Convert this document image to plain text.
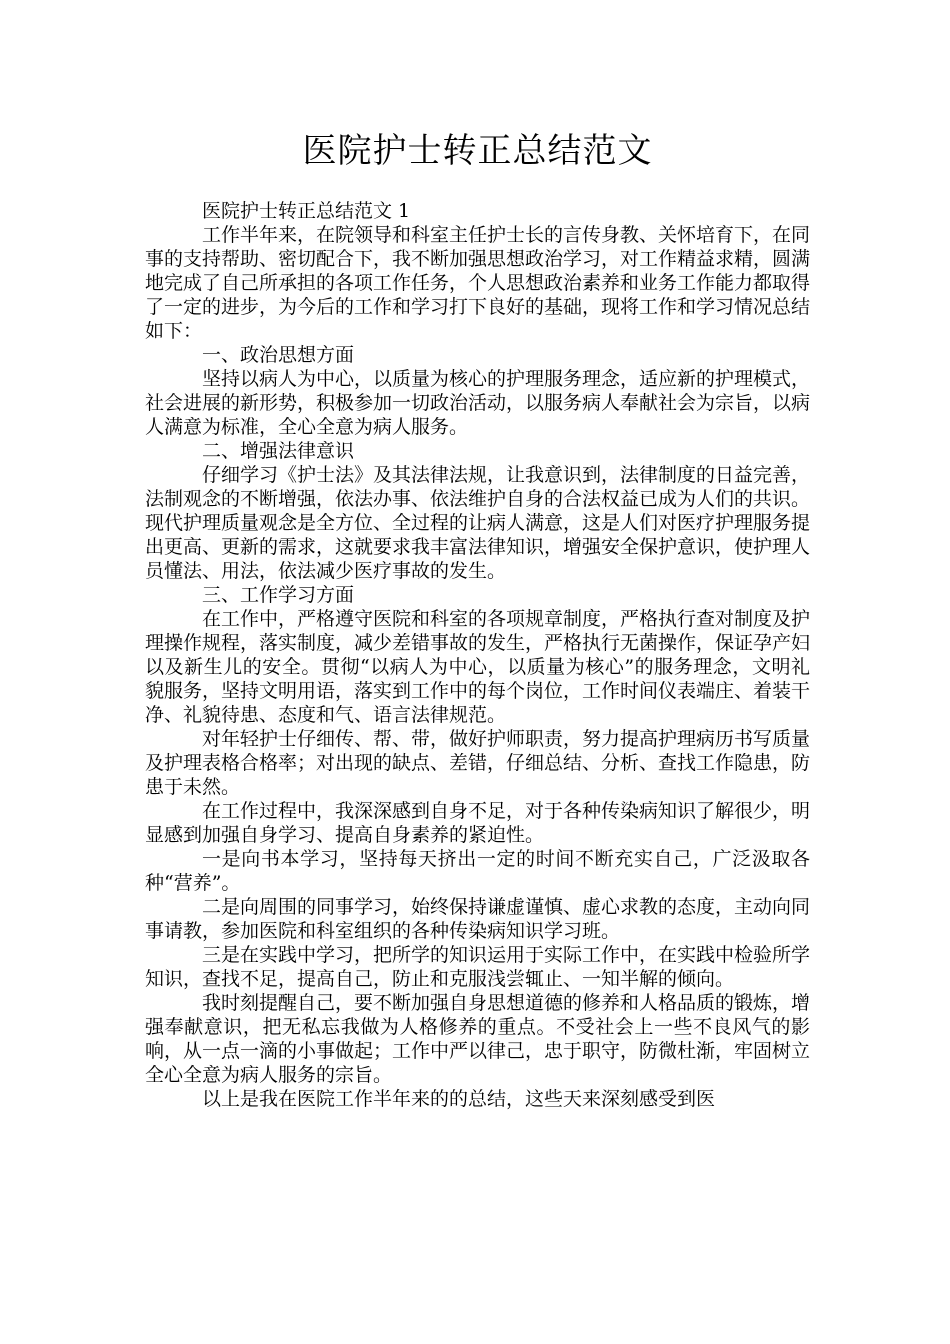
医院护士转正总结范文

医院护士转正总结范文 1

工作半年来，在院领导和科室主任护士长的言传身教、关怀培育下，在同事的支持帮助、密切配合下，我不断加强思想政治学习，对工作精益求精，圆满地完成了自己所承担的各项工作任务，个人思想政治素养和业务工作能力都取得了一定的进步，为今后的工作和学习打下良好的基础，现将工作和学习情况总结如下：

一、政治思想方面

坚持以病人为中心，以质量为核心的护理服务理念，适应新的护理模式，社会进展的新形势，积极参加一切政治活动，以服务病人奉献社会为宗旨，以病人满意为标准，全心全意为病人服务。

二、增强法律意识

仔细学习《护士法》及其法律法规，让我意识到，法律制度的日益完善，法制观念的不断增强，依法办事、依法维护自身的合法权益已成为人们的共识。现代护理质量观念是全方位、全过程的让病人满意，这是人们对医疗护理服务提出更高、更新的需求，这就要求我丰富法律知识，增强安全保护意识，使护理人员懂法、用法，依法减少医疗事故的发生。

三、工作学习方面

在工作中，严格遵守医院和科室的各项规章制度，严格执行查对制度及护理操作规程，落实制度，减少差错事故的发生，严格执行无菌操作，保证孕产妇以及新生儿的安全。贯彻“以病人为中心，以质量为核心”的服务理念，文明礼貌服务，坚持文明用语，落实到工作中的每个岗位，工作时间仪表端庄、着装干净、礼貌待患、态度和气、语言法律规范。

对年轻护士仔细传、帮、带，做好护师职责，努力提高护理病历书写质量及护理表格合格率；对出现的缺点、差错，仔细总结、分析、查找工作隐患，防患于未然。

在工作过程中，我深深感到自身不足，对于各种传染病知识了解很少，明显感到加强自身学习、提高自身素养的紧迫性。

一是向书本学习，坚持每天挤出一定的时间不断充实自己，广泛汲取各种“营养”。

二是向周围的同事学习，始终保持谦虚谨慎、虚心求教的态度，主动向同事请教，参加医院和科室组织的各种传染病知识学习班。

三是在实践中学习，把所学的知识运用于实际工作中，在实践中检验所学知识，查找不足，提高自己，防止和克服浅尝辄止、一知半解的倾向。

我时刻提醒自己，要不断加强自身思想道德的修养和人格品质的锻炼，增强奉献意识，把无私忘我做为人格修养的重点。不受社会上一些不良风气的影响，从一点一滴的小事做起；工作中严以律己，忠于职守，防微杜渐，牢固树立全心全意为病人服务的宗旨。

以上是我在医院工作半年来的的总结，这些天来深刻感受到医
